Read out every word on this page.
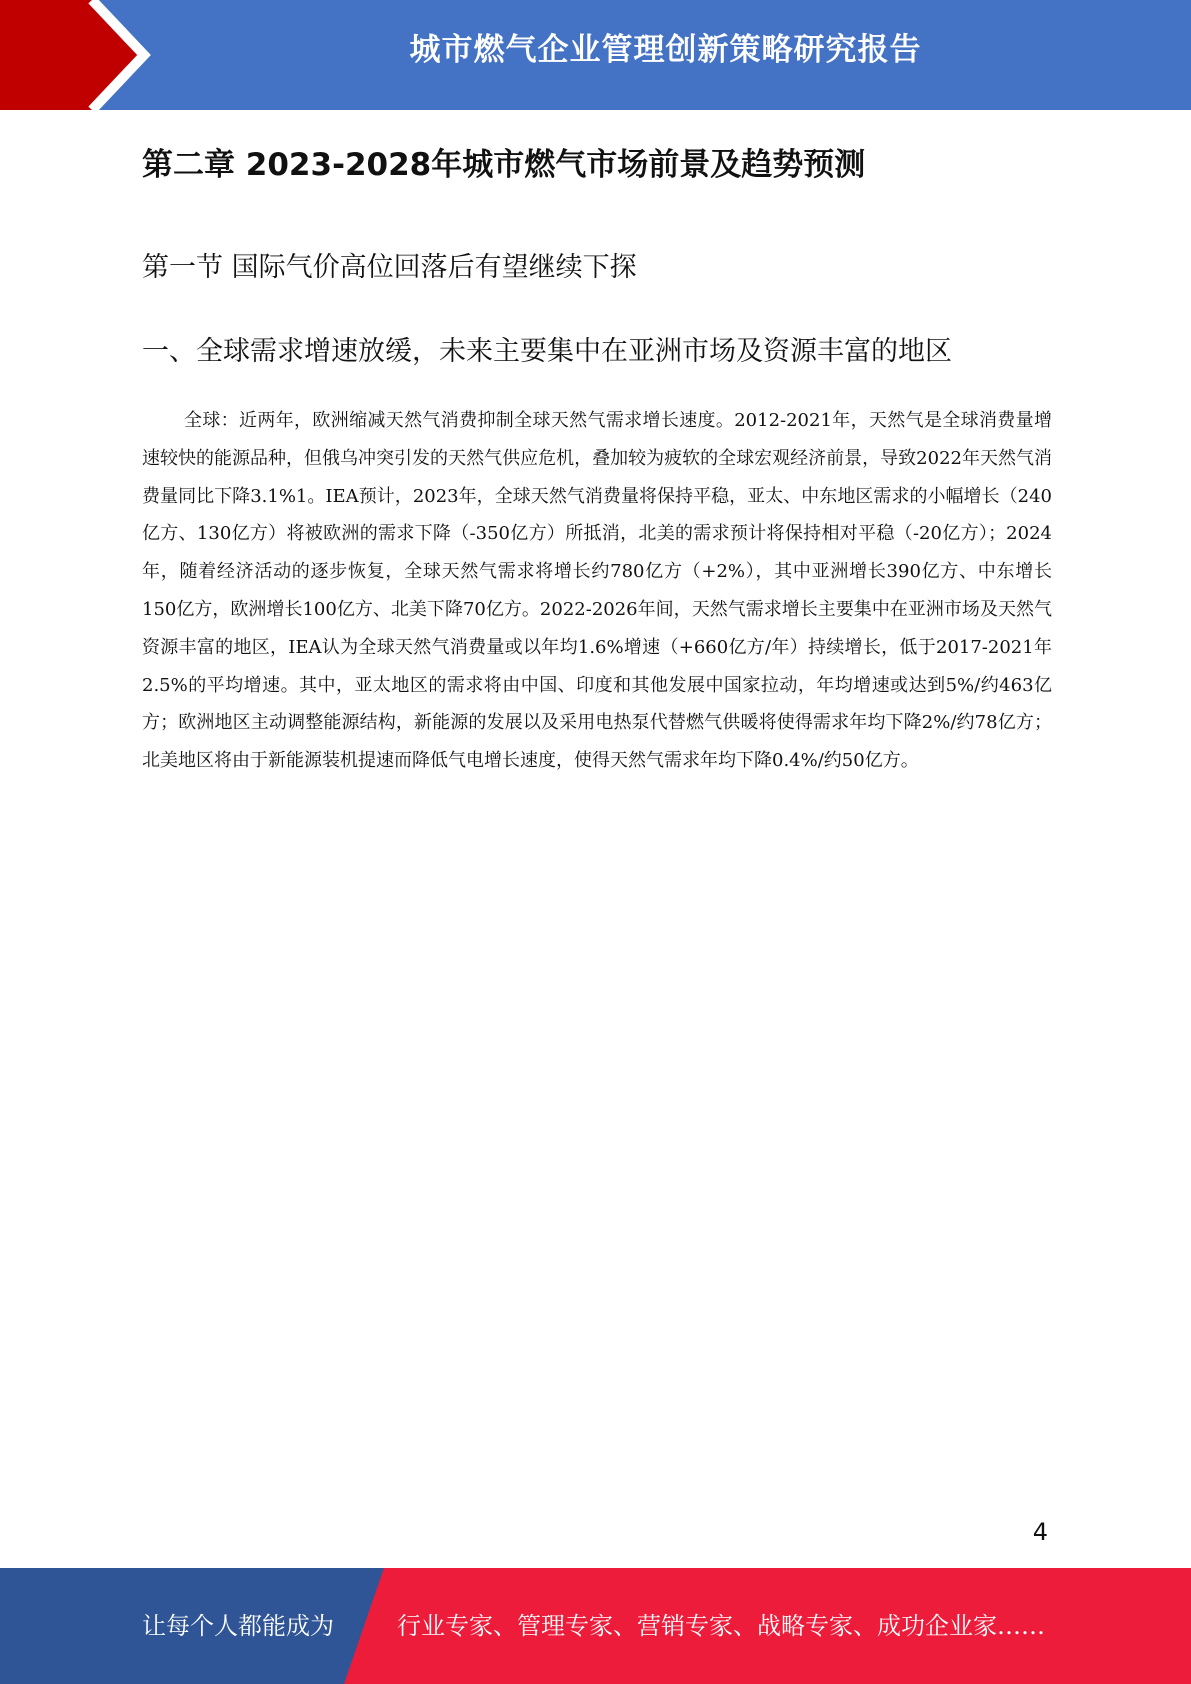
城市燃气企业管理创新策略研究报告
第二章 2023-2028年城市燃气市场前景及趋势预测
第一节 国际气价高位回落后有望继续下探
一、全球需求增速放缓，未来主要集中在亚洲市场及资源丰富的地区

全球：近两年，欧洲缩减天然气消费抑制全球天然气需求增长速度。2012-2021年，天然气是全球消费量增速较快的能源品种，但俄乌冲突引发的天然气供应危机，叠加较为疲软的全球宏观经济前景，导致2022年天然气消费量同比下降3.1%1。IEA预计，2023年，全球天然气消费量将保持平稳，亚太、中东地区需求的小幅增长（240亿方、130亿方）将被欧洲的需求下降（-350亿方）所抵消，北美的需求预计将保持相对平稳（-20亿方）；2024年，随着经济活动的逐步恢复，全球天然气需求将增长约780亿方（+2%），其中亚洲增长390亿方、中东增长150亿方，欧洲增长100亿方、北美下降70亿方。2022-2026年间，天然气需求增长主要集中在亚洲市场及天然气资源丰富的地区，IEA认为全球天然气消费量或以年均1.6%增速（+660亿方/年）持续增长，低于2017-2021年2.5%的平均增速。其中，亚太地区的需求将由中国、印度和其他发展中国家拉动，年均增速或达到5%/约463亿方；欧洲地区主动调整能源结构，新能源的发展以及采用电热泵代替燃气供暖将使得需求年均下降2%/约78亿方；北美地区将由于新能源装机提速而降低气电增长速度，使得天然气需求年均下降0.4%/约50亿方。

4
让每个人都能成为	行业专家、管理专家、营销专家、战略专家、成功企业家……
